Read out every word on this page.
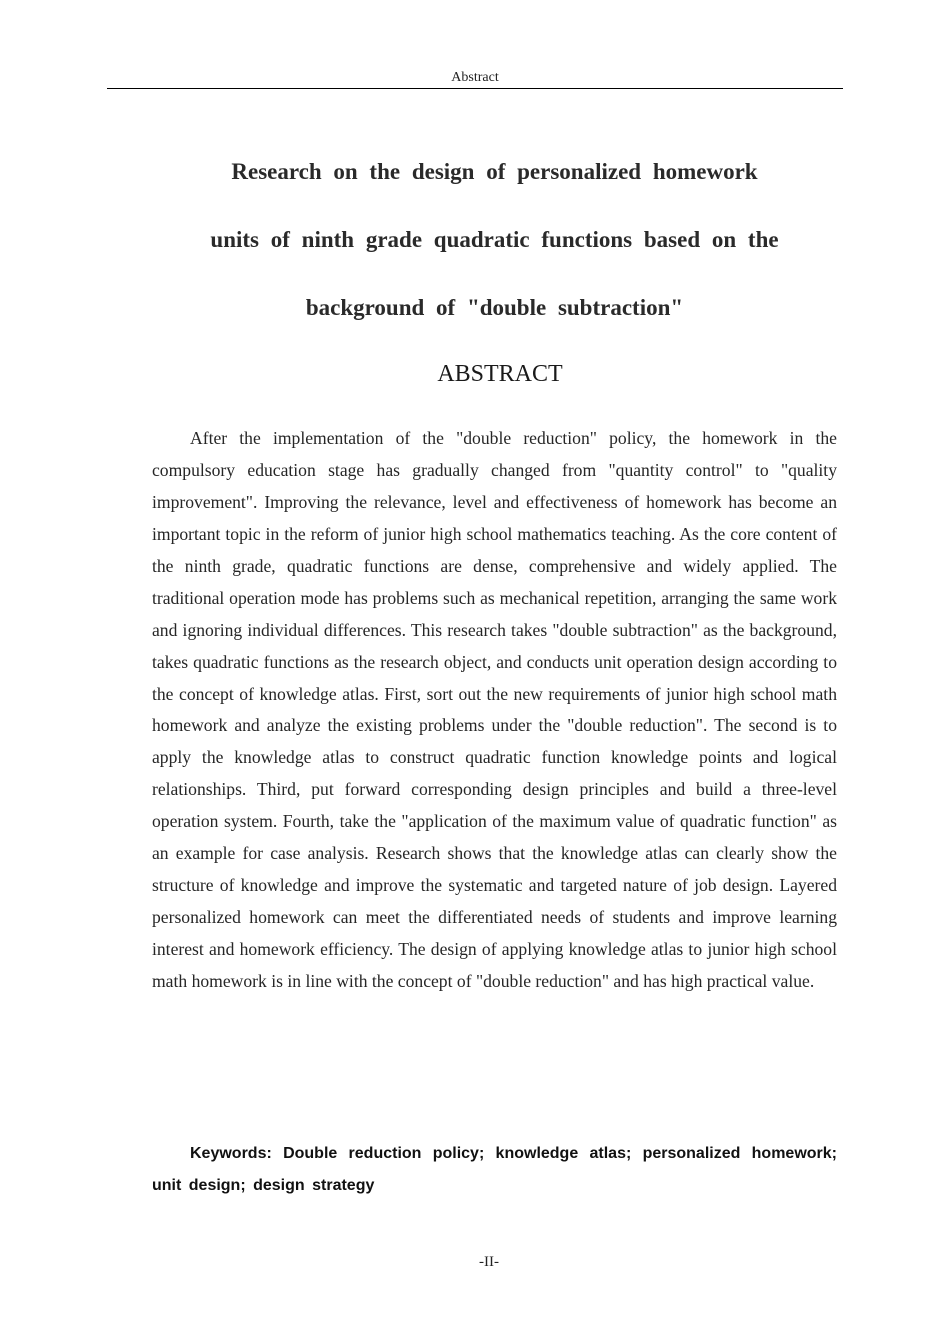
Abstract
Research on the design of personalized homework
units of ninth grade quadratic functions based on the
background of "double subtraction"
ABSTRACT

After the implementation of the "double reduction" policy, the homework in the compulsory education stage has gradually changed from "quantity control" to "quality improvement". Improving the relevance, level and effectiveness of homework has become an important topic in the reform of junior high school mathematics teaching. As the core content of the ninth grade, quadratic functions are dense, comprehensive and widely applied. The traditional operation mode has problems such as mechanical repetition, arranging the same work and ignoring individual differences. This research takes "double subtraction" as the background, takes quadratic functions as the research object, and conducts unit operation design according to the concept of knowledge atlas. First, sort out the new requirements of junior high school math homework and analyze the existing problems under the "double reduction". The second is to apply the knowledge atlas to construct quadratic function knowledge points and logical relationships. Third, put forward corresponding design principles and build a three-level operation system. Fourth, take the "application of the maximum value of quadratic function" as an example for case analysis. Research shows that the knowledge atlas can clearly show the structure of knowledge and improve the systematic and targeted nature of job design. Layered personalized homework can meet the differentiated needs of students and improve learning interest and homework efficiency. The design of applying knowledge atlas to junior high school math homework is in line with the concept of "double reduction" and has high practical value.

Keywords: Double reduction policy; knowledge atlas; personalized homework; unit design; design strategy

-II-
